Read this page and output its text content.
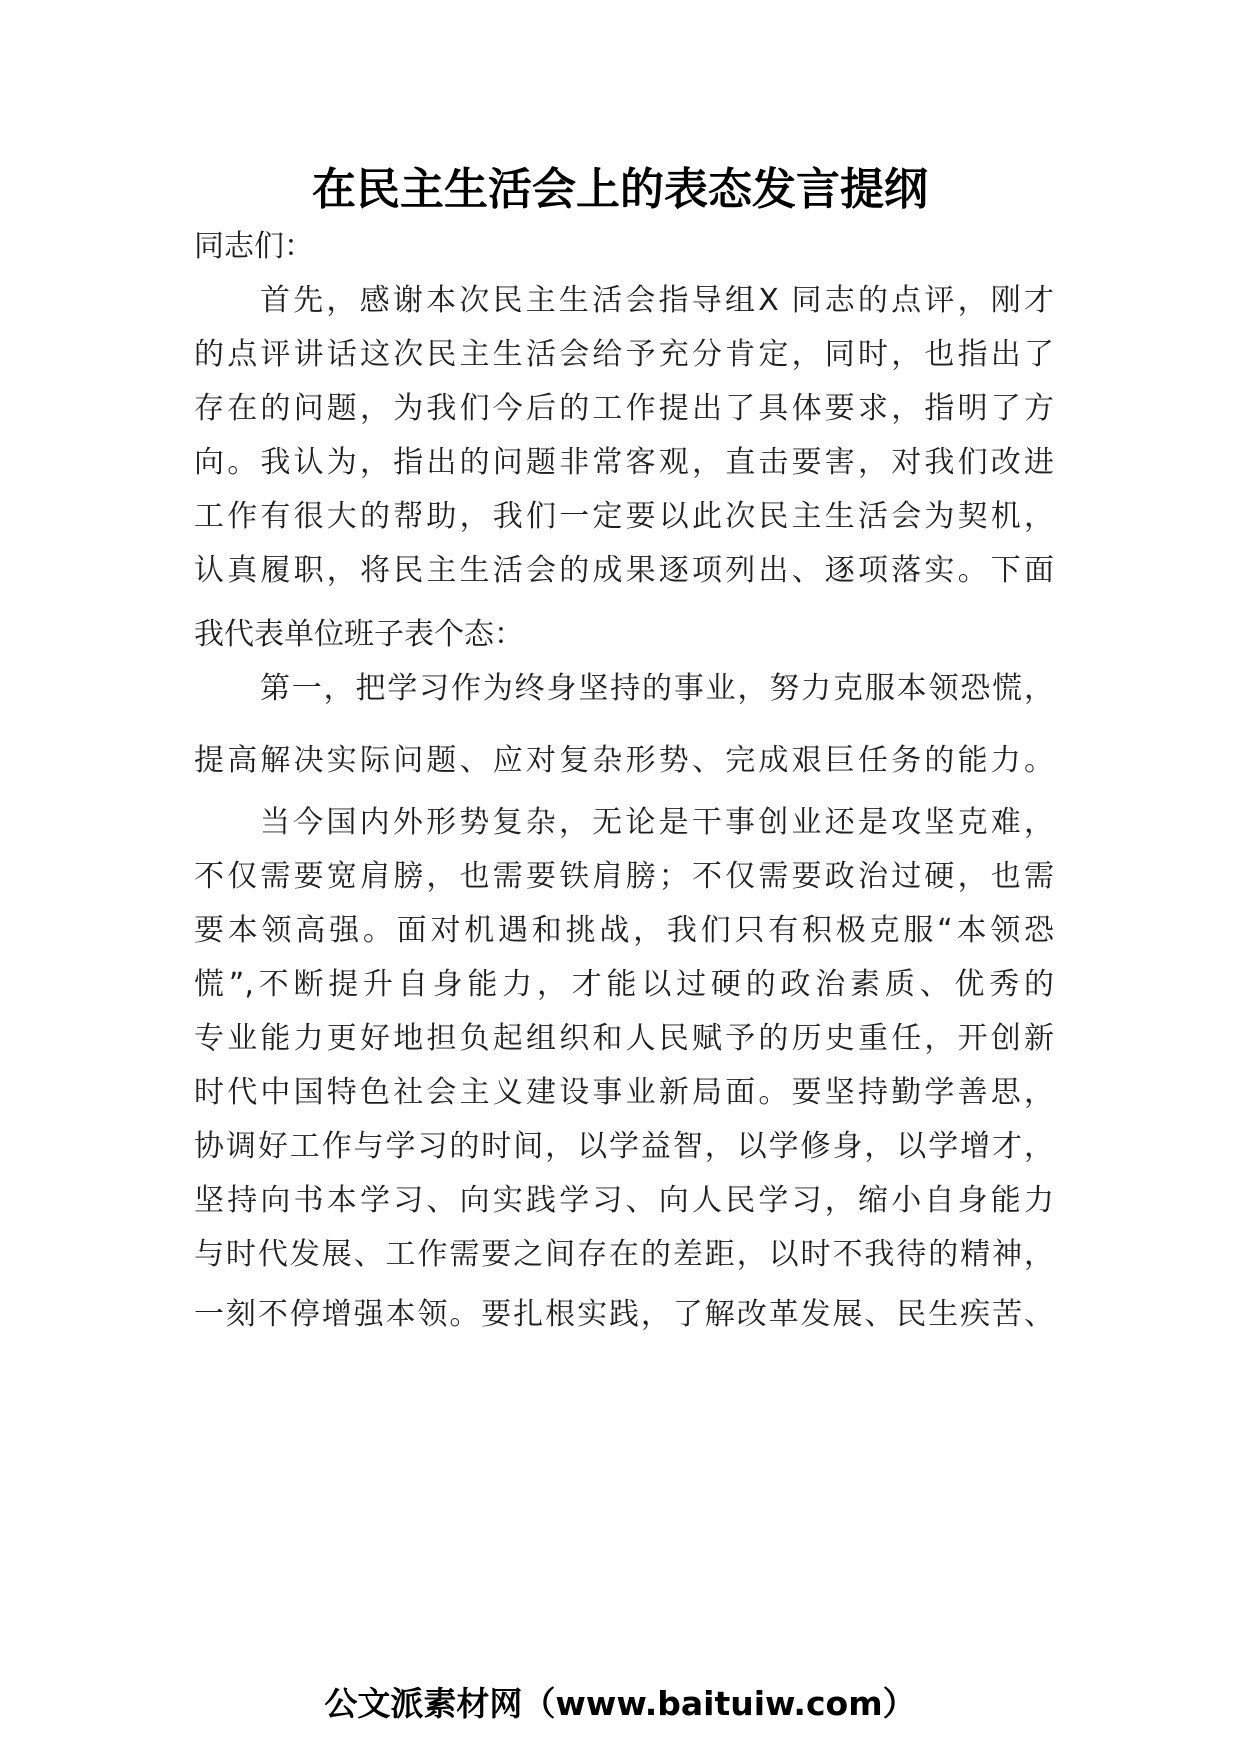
在民主生活会上的表态发言提纲
同志们：
首先，感谢本次民主生活会指导组X 同志的点评，刚才
的点评讲话这次民主生活会给予充分肯定，同时，也指出了
存在的问题，为我们今后的工作提出了具体要求，指明了方
向。我认为，指出的问题非常客观，直击要害，对我们改进
工作有很大的帮助，我们一定要以此次民主生活会为契机，
认真履职，将民主生活会的成果逐项列出、逐项落实。下面
我代表单位班子表个态：
第一，把学习作为终身坚持的事业，努力克服本领恐慌，
提高解决实际问题、应对复杂形势、完成艰巨任务的能力。
当今国内外形势复杂，无论是干事创业还是攻坚克难，
不仅需要宽肩膀，也需要铁肩膀；不仅需要政治过硬，也需
要本领高强。面对机遇和挑战，我们只有积极克服“本领恐
慌”,不断提升自身能力，才能以过硬的政治素质、优秀的
专业能力更好地担负起组织和人民赋予的历史重任，开创新
时代中国特色社会主义建设事业新局面。要坚持勤学善思，
协调好工作与学习的时间，以学益智，以学修身，以学增才，
坚持向书本学习、向实践学习、向人民学习，缩小自身能力
与时代发展、工作需要之间存在的差距，以时不我待的精神，
一刻不停增强本领。要扎根实践，了解改革发展、民生疾苦、
公文派素材网（www.baituiw.com）
